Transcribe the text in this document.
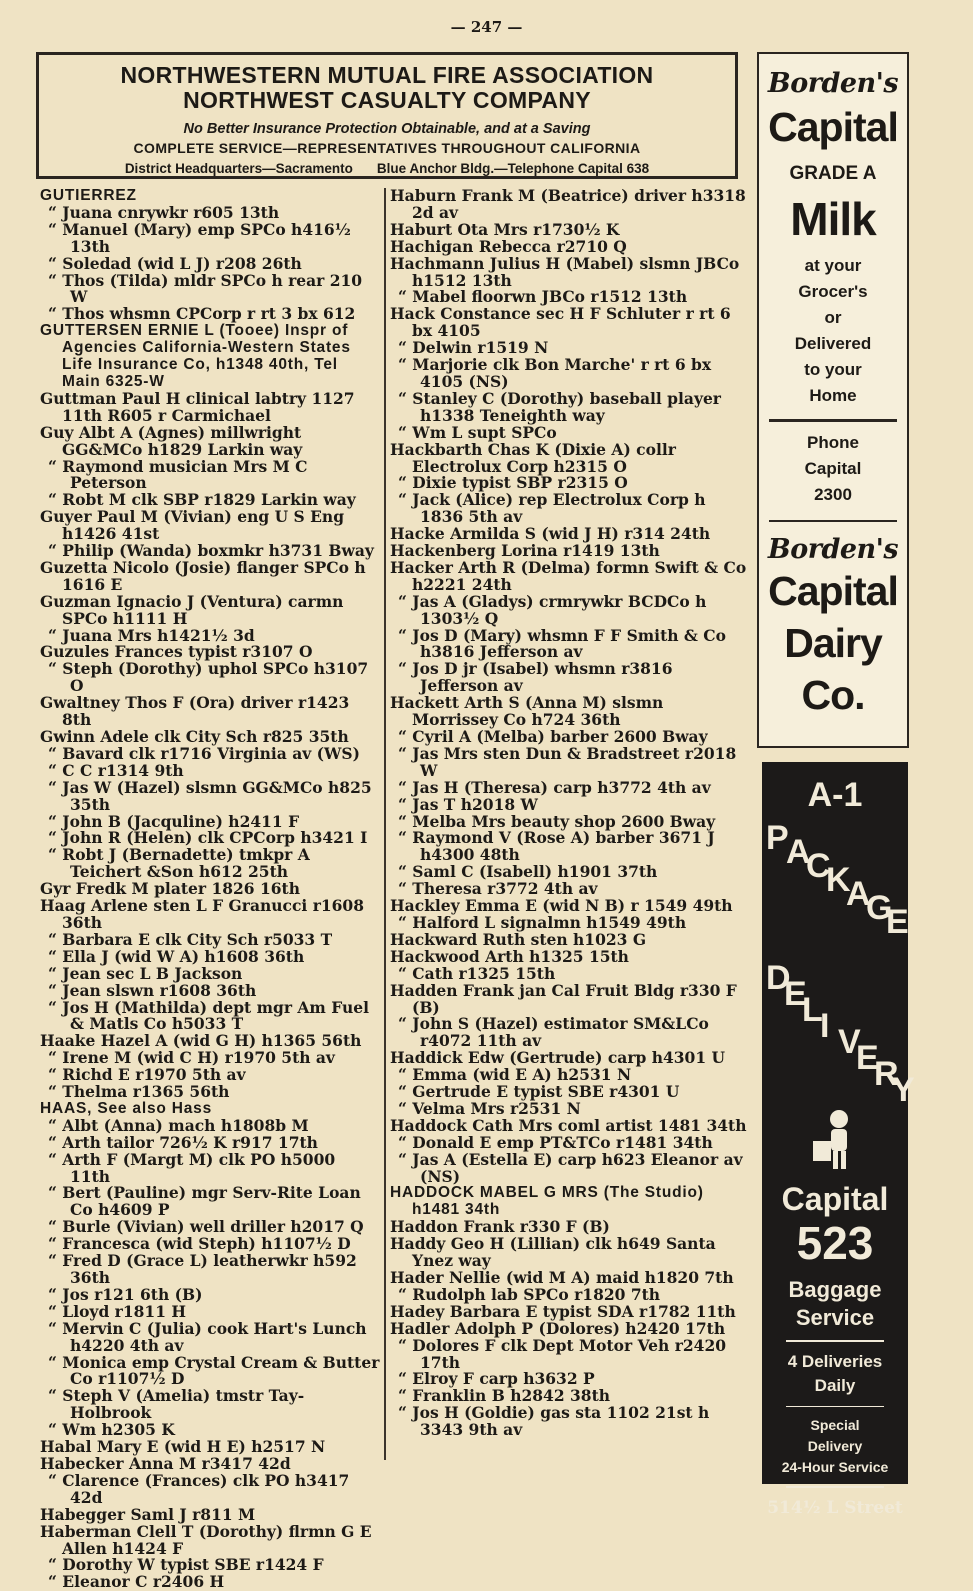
— 247 —
NORTHWESTERN MUTUAL FIRE ASSOCIATION
NORTHWEST CASUALTY COMPANY
No Better Insurance Protection Obtainable, and at a Saving
COMPLETE SERVICE—REPRESENTATIVES THROUGHOUT CALIFORNIA
District Headquarters—Sacramento Blue Anchor Bldg.—Telephone Capital 638
GUTIERREZ
“ Juana cnrywkr r605 13th
“ Manuel (Mary) emp SPCo h416½ 13th
“ Soledad (wid L J) r208 26th
“ Thos (Tilda) mldr SPCo h rear 210 W
“ Thos whsmn CPCorp r rt 3 bx 612
GUTTERSEN ERNIE L (Tooee) Inspr of Agencies California-Western States Life Insurance Co, h1348 40th, Tel Main 6325-W
Guttman Paul H clinical labtry 1127 11th R605 r Carmichael
Guy Albt A (Agnes) millwright GG&MCo h1829 Larkin way
“ Raymond musician Mrs M C Peterson
“ Robt M clk SBP r1829 Larkin way
Guyer Paul M (Vivian) eng U S Eng h1426 41st
“ Philip (Wanda) boxmkr h3731 Bway
Guzetta Nicolo (Josie) flanger SPCo h 1616 E
Guzman Ignacio J (Ventura) carmn SPCo h1111 H
“ Juana Mrs h1421½ 3d
Guzules Frances typist r3107 O
“ Steph (Dorothy) uphol SPCo h3107 O
Gwaltney Thos F (Ora) driver r1423 8th
Gwinn Adele clk City Sch r825 35th
“ Bavard clk r1716 Virginia av (WS)
“ C C r1314 9th
“ Jas W (Hazel) slsmn GG&MCo h825 35th
“ John B (Jacquline) h2411 F
“ John R (Helen) clk CPCorp h3421 I
“ Robt J (Bernadette) tmkpr A Teichert &Son h612 25th
Gyr Fredk M plater 1826 16th
Haag Arlene sten L F Granucci r1608 36th
“ Barbara E clk City Sch r5033 T
“ Ella J (wid W A) h1608 36th
“ Jean sec L B Jackson
“ Jean slswn r1608 36th
“ Jos H (Mathilda) dept mgr Am Fuel & Matls Co h5033 T
Haake Hazel A (wid G H) h1365 56th
“ Irene M (wid C H) r1970 5th av
“ Richd E r1970 5th av
“ Thelma r1365 56th
HAAS, See also Hass
“ Albt (Anna) mach h1808b M
“ Arth tailor 726½ K r917 17th
“ Arth F (Margt M) clk PO h5000 11th
“ Bert (Pauline) mgr Serv-Rite Loan Co h4609 P
“ Burle (Vivian) well driller h2017 Q
“ Francesca (wid Steph) h1107½ D
“ Fred D (Grace L) leatherwkr h592 36th
“ Jos r121 6th (B)
“ Lloyd r1811 H
“ Mervin C (Julia) cook Hart's Lunch h4220 4th av
“ Monica emp Crystal Cream & Butter Co r1107½ D
“ Steph V (Amelia) tmstr Tay-Holbrook
“ Wm h2305 K
Habal Mary E (wid H E) h2517 N
Habecker Anna M r3417 42d
“ Clarence (Frances) clk PO h3417 42d
Habegger Saml J r811 M
Haberman Clell T (Dorothy) flrmn G E Allen h1424 F
“ Dorothy W typist SBE r1424 F
“ Eleanor C r2406 H
Haburn Frank M (Beatrice) driver h3318 2d av
Haburt Ota Mrs r1730½ K
Hachigan Rebecca r2710 Q
Hachmann Julius H (Mabel) slsmn JBCo h1512 13th
“ Mabel floorwn JBCo r1512 13th
Hack Constance sec H F Schluter r rt 6 bx 4105
“ Delwin r1519 N
“ Marjorie clk Bon Marche' r rt 6 bx 4105 (NS)
“ Stanley C (Dorothy) baseball player h1338 Teneighth way
“ Wm L supt SPCo
Hackbarth Chas K (Dixie A) collr Electrolux Corp h2315 O
“ Dixie typist SBP r2315 O
“ Jack (Alice) rep Electrolux Corp h 1836 5th av
Hacke Armilda S (wid J H) r314 24th
Hackenberg Lorina r1419 13th
Hacker Arth R (Delma) formn Swift & Co h2221 24th
“ Jas A (Gladys) crmrywkr BCDCo h 1303½ Q
“ Jos D (Mary) whsmn F F Smith & Co h3816 Jefferson av
“ Jos D jr (Isabel) whsmn r3816 Jefferson av
Hackett Arth S (Anna M) slsmn Morrissey Co h724 36th
“ Cyril A (Melba) barber 2600 Bway
“ Jas Mrs sten Dun & Bradstreet r2018 W
“ Jas H (Theresa) carp h3772 4th av
“ Jas T h2018 W
“ Melba Mrs beauty shop 2600 Bway
“ Raymond V (Rose A) barber 3671 J h4300 48th
“ Saml C (Isabell) h1901 37th
“ Theresa r3772 4th av
Hackley Emma E (wid N B) r 1549 49th
“ Halford L signalmn h1549 49th
Hackward Ruth sten h1023 G
Hackwood Arth h1325 15th
“ Cath r1325 15th
Hadden Frank jan Cal Fruit Bldg r330 F (B)
“ John S (Hazel) estimator SM&LCo r4072 11th av
Haddick Edw (Gertrude) carp h4301 U
“ Emma (wid E A) h2531 N
“ Gertrude E typist SBE r4301 U
“ Velma Mrs r2531 N
Haddock Cath Mrs coml artist 1481 34th
“ Donald E emp PT&TCo r1481 34th
“ Jas A (Estella E) carp h623 Eleanor av (NS)
HADDOCK MABEL G MRS (The Studio) h1481 34th
Haddon Frank r330 F (B)
Haddy Geo H (Lillian) clk h649 Santa Ynez way
Hader Nellie (wid M A) maid h1820 7th
“ Rudolph lab SPCo r1820 7th
Hadey Barbara E typist SDA r1782 11th
Hadler Adolph P (Dolores) h2420 17th
“ Dolores F clk Dept Motor Veh r2420 17th
“ Elroy F carp h3632 P
“ Franklin B h2842 38th
“ Jos H (Goldie) gas sta 1102 21st h 3343 9th av
Borden's
Capital
GRADE A
Milk
at your
Grocer's
or
Delivered
to your
Home
Phone
Capital
2300
Borden's
Capital
Dairy
Co.
A-1
P
A
C
K
A
G
E
D
E
L
I V
E
R
Y
Capital
523
Baggage
Service
4 Deliveries
Daily
Special
Delivery
24-Hour Service
514½ L Street
